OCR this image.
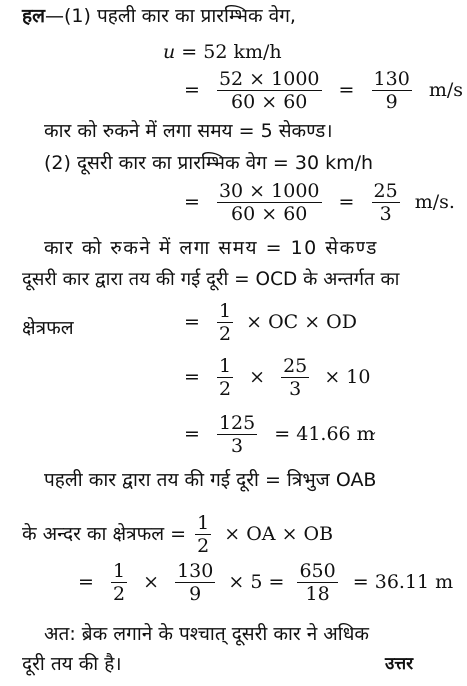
हल—(1) पहली कार का प्रारम्भिक वेग,
u = 52 km/h
= $\frac{52 \times 1000}{60 \times 60} = \frac{130}{9} m/s$
कार को रुकने में लगा समय = 5 सेकण्ड।
(2) दूसरी कार का प्रारम्भिक वेग = 30 km/h
= $\frac{30 \times 1000}{60 \times 60} = \frac{25}{3} m/s$.
कार को रुकने में लगा समय = 10 सेकण्ड
दूसरी कार द्वारा तय की गई दूरी = OCD के अन्तर्गत का
क्षेत्रफल	= $\frac{1}{2}$ × OC × OD
= $\frac{1}{2} \times \frac{25}{3} \times 10$
= $\frac{125}{3} = 41.66$ m
पहली कार द्वारा तय की गई दूरी = त्रिभुज OAB
के अन्दर का क्षेत्रफल = $\frac{1}{2}$ × OA × OB
= $\frac{1}{2} \times \frac{130}{9} \times 5 = \frac{650}{18} = 36.11$ m
अत: ब्रेक लगाने के पश्चात् दूसरी कार ने अधिक
दूरी तय की है।	उत्तर
